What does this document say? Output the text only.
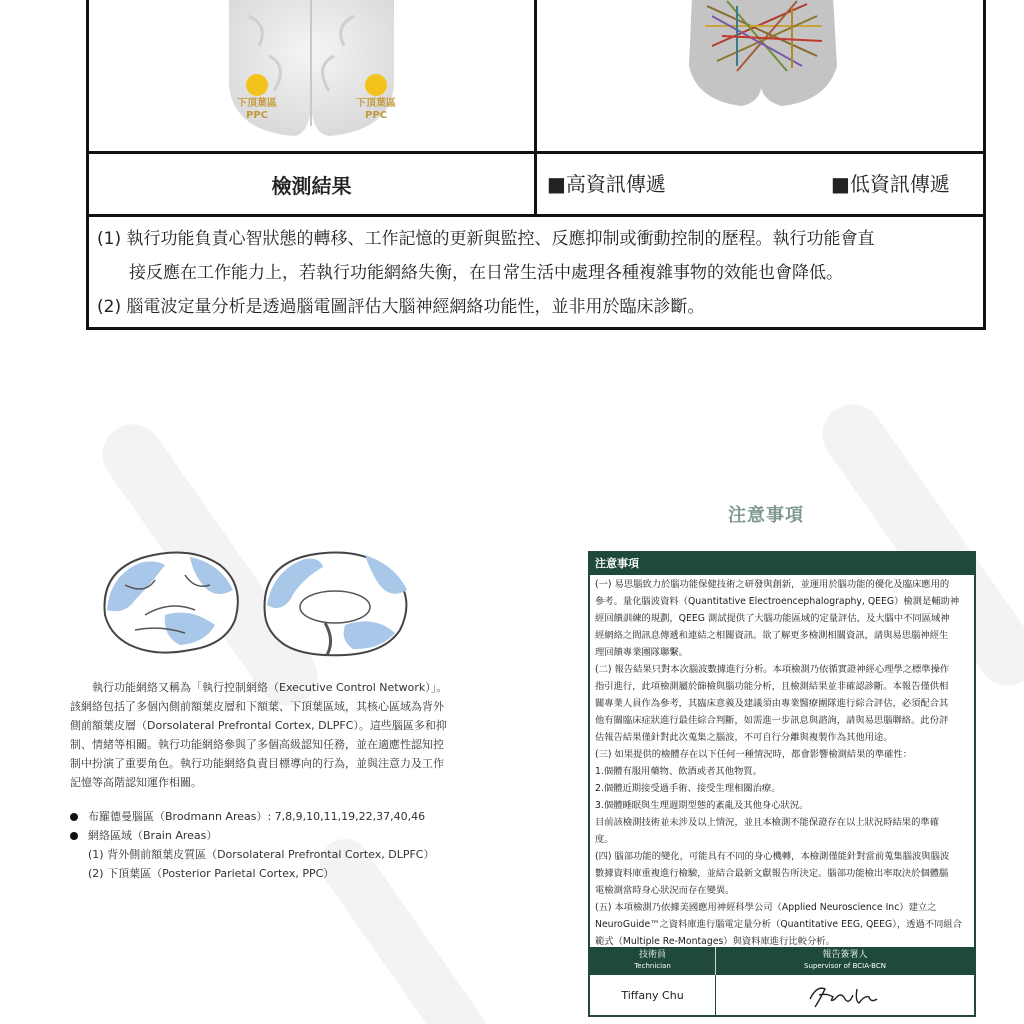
下頂葉區
PPC
下頂葉區
PPC
檢測結果	■高資訊傳遞	■低資訊傳遞
(1) 執行功能負責心智狀態的轉移、工作記憶的更新與監控、反應抑制或衝動控制的歷程。執行功能會直
接反應在工作能力上，若執行功能網絡失衡，在日常生活中處理各種複雜事物的效能也會降低。
(2) 腦電波定量分析是透過腦電圖評估大腦神經網絡功能性，並非用於臨床診斷。
執行功能網絡又稱為「執行控制網絡（Executive Control Network）」。該網絡包括了多個內側前額葉皮層和下額葉、下頂葉區域，其核心區域為背外側前額葉皮層（Dorsolateral Prefrontal Cortex, DLPFC）。這些腦區多和抑制、情緒等相關。執行功能網絡參與了多個高級認知任務，並在適應性認知控制中扮演了重要角色。執行功能網絡負責目標導向的行為，並與注意力及工作記憶等高階認知運作相關。
布羅德曼腦區（Brodmann Areas）: 7,8,9,10,11,19,22,37,40,46
網絡區域（Brain Areas）
(1) 背外側前額葉皮質區（Dorsolateral Prefrontal Cortex, DLPFC）
(2) 下頂葉區（Posterior Parietal Cortex, PPC）
注意事項
注意事項
(一) 易思腦致力於腦功能保健技術之研發與創新，並運用於腦功能的優化及臨床應用的
參考。量化腦波資料（Quantitative Electroencephalography, QEEG）檢測是輔助神
經回饋訓練的規劃，QEEG 測試提供了大腦功能區域的定量評估，及大腦中不同區域神
經網絡之間訊息傳遞和連結之相關資訊。欲了解更多檢測相關資訊，請與易思腦神經生
理回饋專業團隊聯繫。
(二) 報告結果只對本次腦波數據進行分析。本項檢測乃依循實證神經心理學之標準操作
指引進行，此項檢測屬於篩檢與腦功能分析，且檢測結果並非確認診斷。本報告僅供相
關專業人員作為參考，其臨床意義及建議須由專業醫療團隊進行綜合評估，必須配合其
他有關臨床症狀進行最佳綜合判斷，如需進一步訊息與諮詢，請與易思腦聯絡。此份評
估報告結果僅針對此次蒐集之腦波，不可自行分離與複製作為其他用途。
(三) 如果提供的檢體存在以下任何一種情況時，都會影響檢測結果的準確性：
1.個體有服用藥物、飲酒或者其他物質。
2.個體近期接受過手術、接受生理相關治療。
3.個體睡眠與生理週期型態的紊亂及其他身心狀況。
目前該檢測技術並未涉及以上情況，並且本檢測不能保證存在以上狀況時結果的準確
度。
(四) 腦部功能的變化，可能具有不同的身心機轉，本檢測僅能針對當前蒐集腦波與腦波
數據資料庫重複進行檢驗，並結合最新文獻報告所決定。腦部功能檢出率取決於個體腦
電檢測當時身心狀況而存在變異。
(五) 本項檢測乃依據美國應用神經科學公司（Applied Neuroscience Inc）建立之
NeuroGuide™之資料庫進行腦電定量分析（Quantitative EEG, QEEG），透過不同組合
範式（Multiple Re-Montages）與資料庫進行比較分析。
技術員
Technician
報告簽署人
Supervisor of BCIA-BCN
Tiffany Chu
